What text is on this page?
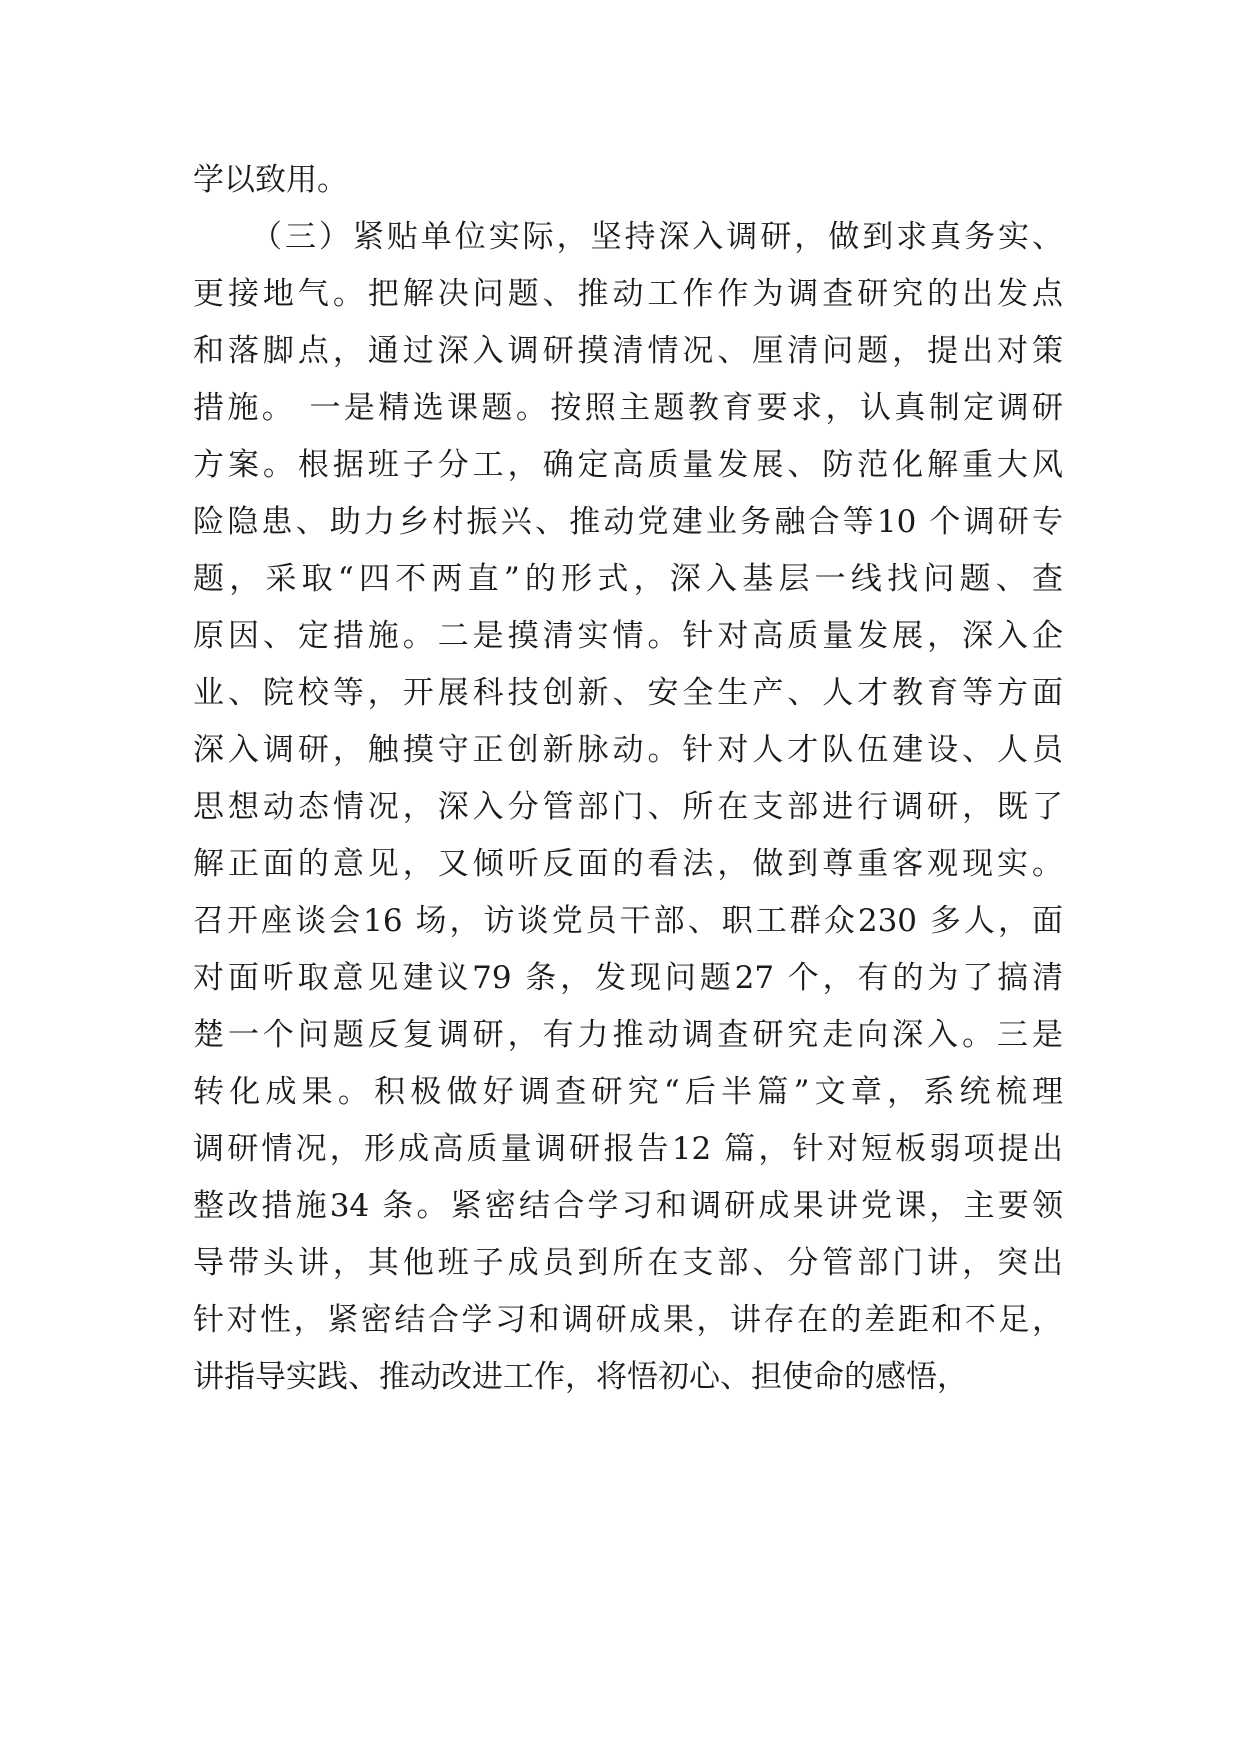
学以致用。
（三）紧贴单位实际，坚持深入调研，做到求真务实、
更接地气。把解决问题、推动工作作为调查研究的出发点
和落脚点，通过深入调研摸清情况、厘清问题，提出对策
措施。 一是精选课题。按照主题教育要求，认真制定调研
方案。根据班子分工，确定高质量发展、防范化解重大风
险隐患、助力乡村振兴、推动党建业务融合等10 个调研专
题，采取“四不两直”的形式，深入基层一线找问题、查
原因、定措施。二是摸清实情。针对高质量发展，深入企
业、院校等，开展科技创新、安全生产、人才教育等方面
深入调研，触摸守正创新脉动。针对人才队伍建设、人员
思想动态情况，深入分管部门、所在支部进行调研，既了
解正面的意见，又倾听反面的看法，做到尊重客观现实。
召开座谈会16 场，访谈党员干部、职工群众230 多人，面
对面听取意见建议79 条，发现问题27 个，有的为了搞清
楚一个问题反复调研，有力推动调查研究走向深入。三是
转化成果。积极做好调查研究“后半篇”文章，系统梳理
调研情况，形成高质量调研报告12 篇，针对短板弱项提出
整改措施34 条。紧密结合学习和调研成果讲党课，主要领
导带头讲，其他班子成员到所在支部、分管部门讲，突出
针对性，紧密结合学习和调研成果，讲存在的差距和不足，
讲指导实践、推动改进工作，将悟初心、担使命的感悟，
